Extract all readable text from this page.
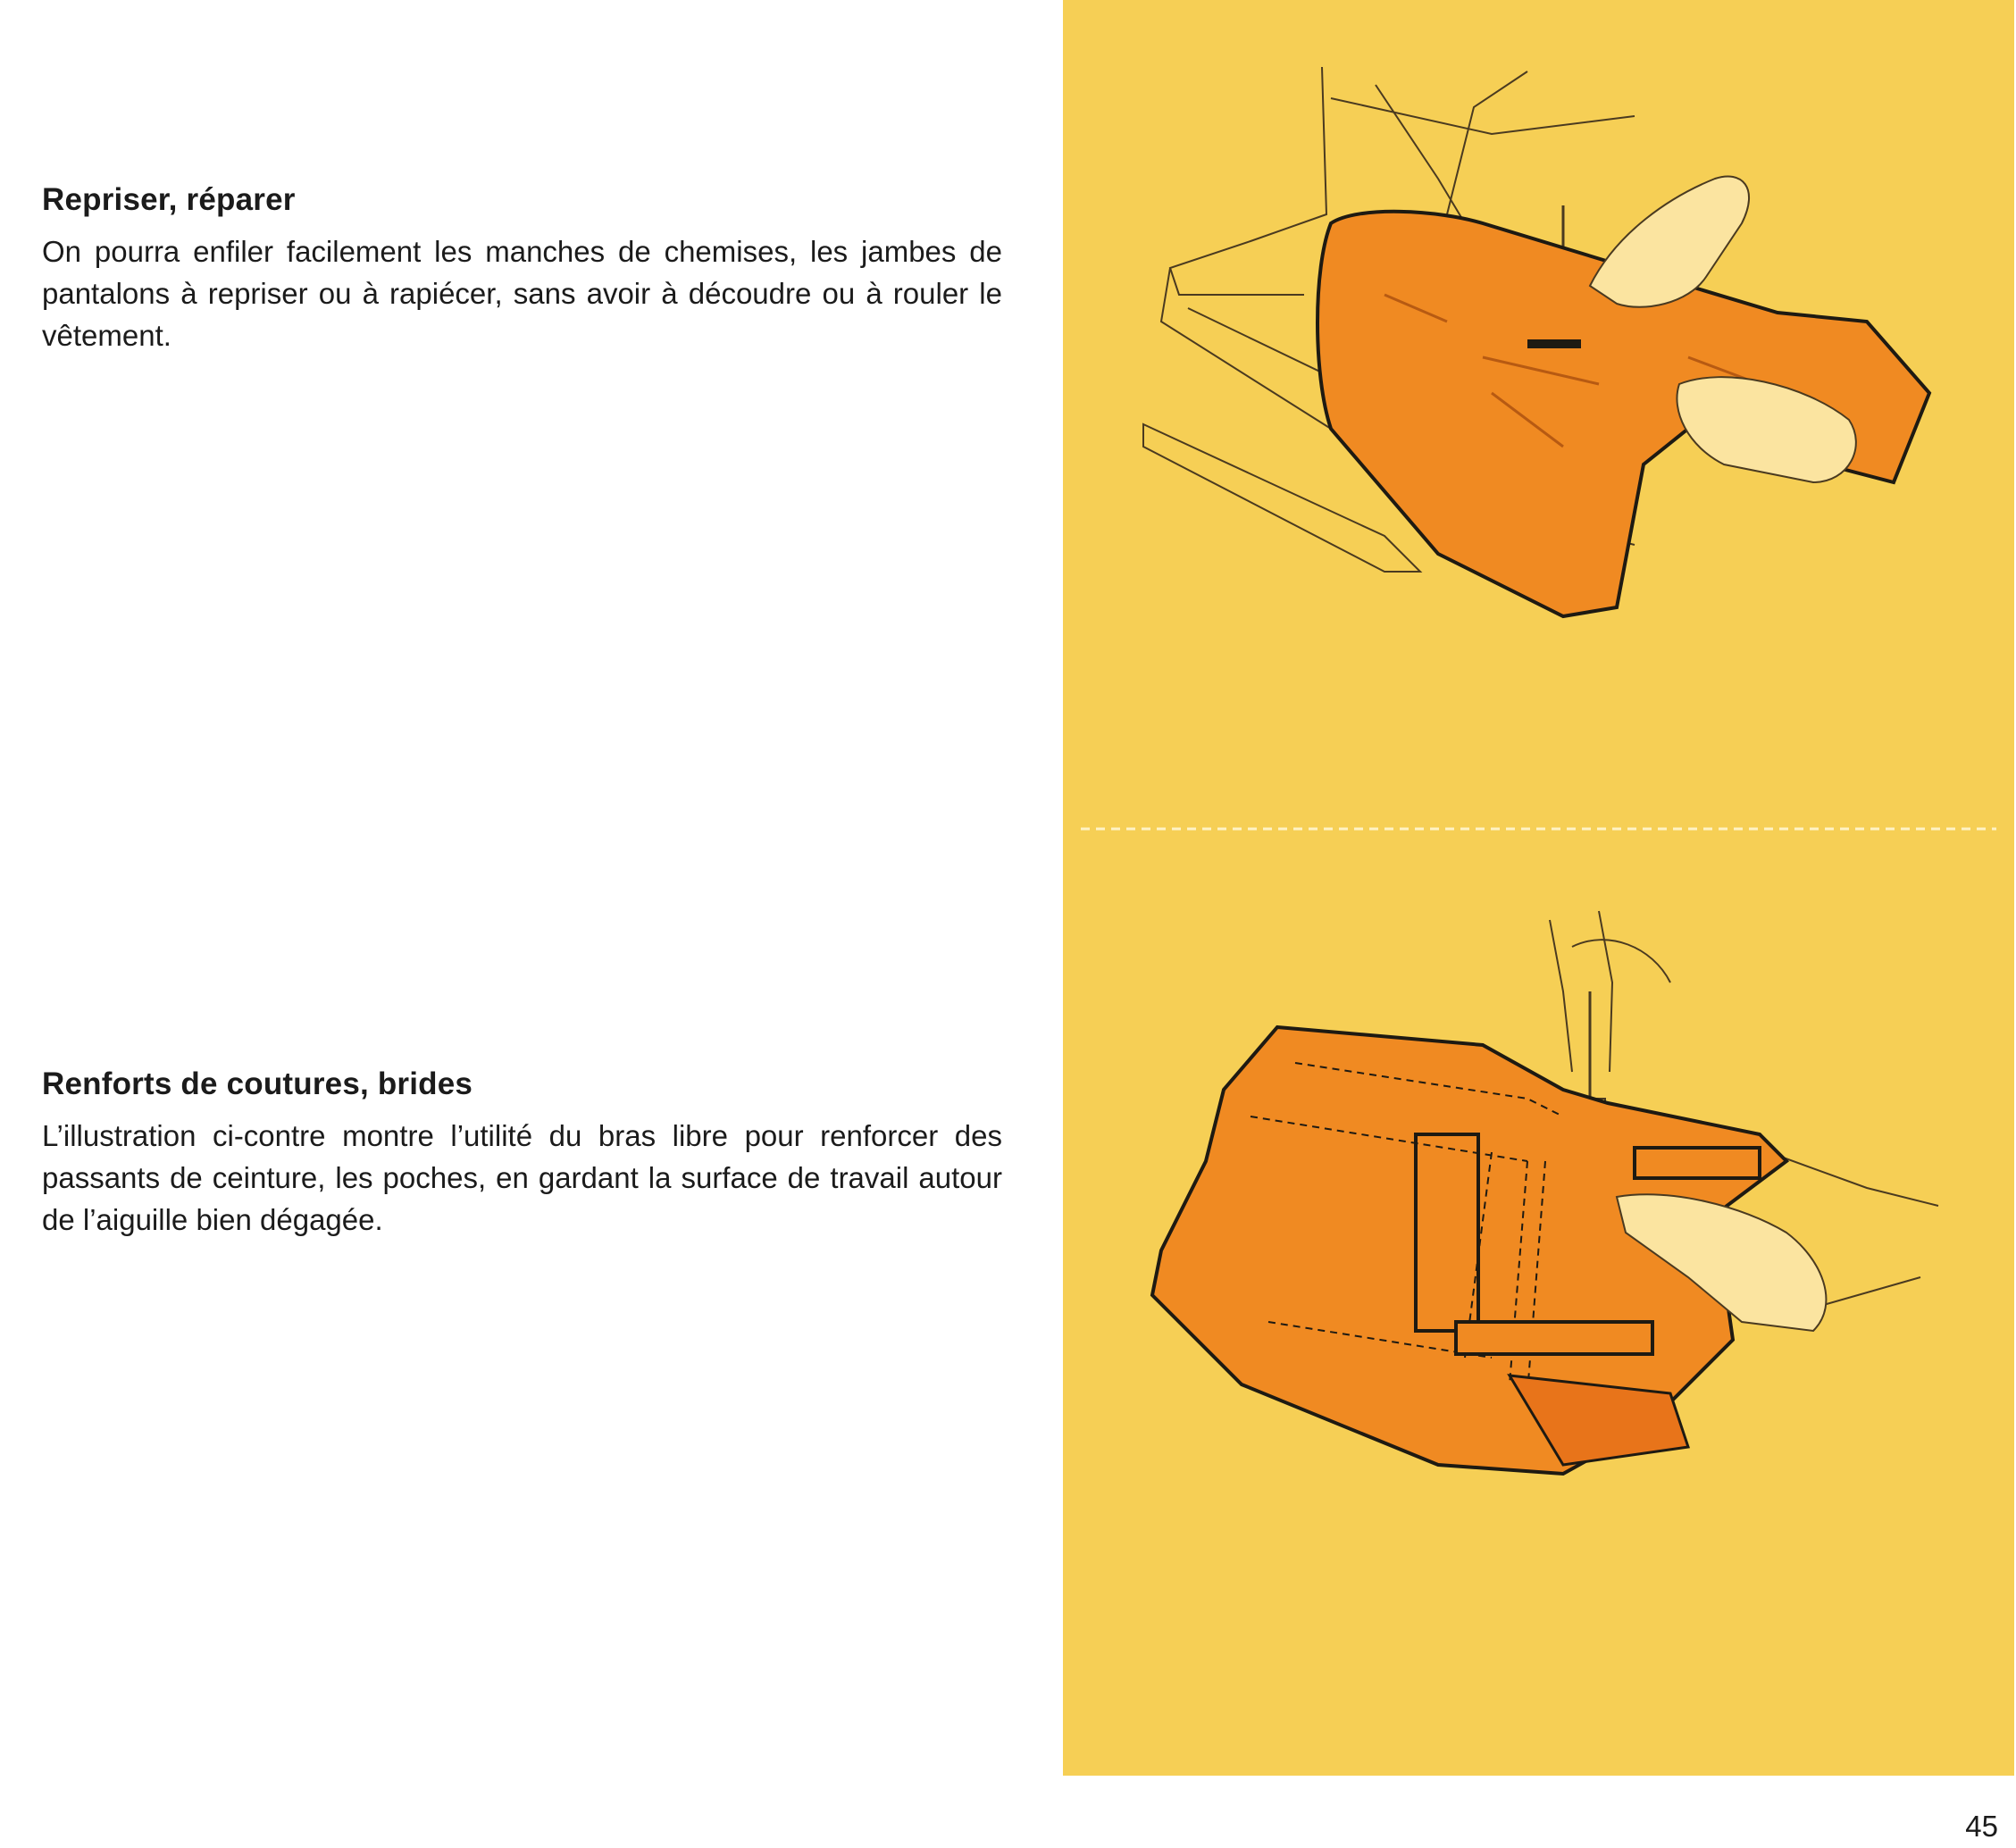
Repriser, réparer

On pourra enfiler facilement les manches de chemises, les jambes de pantalons à repriser ou à rapiécer, sans avoir à découdre ou à rouler le vêtement.

Renforts de coutures, brides

L’illustration ci-contre montre l’utilité du bras libre pour renforcer des passants de ceinture, les poches, en gardant la surface de travail autour de l’aiguille bien dégagée.

45
